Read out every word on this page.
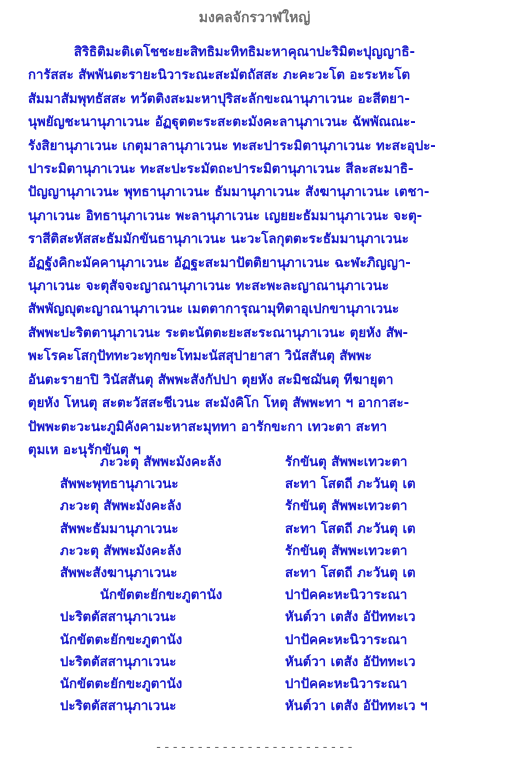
มงคลจักรวาฬใหญ่
สิริธิติมะติเตโชชะยะสิทธิมะหิทธิมะหาคุณาปะริมิตะปุญญาธิ-
การัสสะ สัพพันตะรายะนิวาระณะสะมัตถัสสะ ภะคะวะโต อะระหะโต
สัมมาสัมพุทธัสสะ ทวัตติงสะมะหาปุริสะลักขะณานุภาเวนะ อะสีตยา-
นุพยัญชะนานุภาเวนะ อัฏฐุตตะระสะตะมังคะลานุภาเวนะ ฉัพพัณณะ-
รังสิยานุภาเวนะ เกตุมาลานุภาเวนะ ทะสะปาระมิตานุภาเวนะ ทะสะอุปะ-
ปาระมิตานุภาเวนะ ทะสะปะระมัตถะปาระมิตานุภาเวนะ สีละสะมาธิ-
ปัญญานุภาเวนะ พุทธานุภาเวนะ ธัมมานุภาเวนะ สังฆานุภาเวนะ เตชา-
นุภาเวนะ อิทธานุภาเวนะ พะลานุภาเวนะ เญยยะธัมมานุภาเวนะ จะตุ-
ราสีติสะหัสสะธัมมักขันธานุภาเวนะ นะวะโลกุตตะระธัมมานุภาเวนะ
อัฏฐังคิกะมัคคานุภาเวนะ อัฏฐะสะมาปัตติยานุภาเวนะ ฉะฬะภิญญา-
นุภาเวนะ จะตุสัจจะญาณานุภาเวนะ ทะสะพะละญาณานุภาเวนะ
สัพพัญญุตะญาณานุภาเวนะ เมตตาการุณามุทิตาอุเปกขานุภาเวนะ
สัพพะปะริตตานุภาเวนะ ระตะนัตตะยะสะระณานุภาเวนะ ตุยหัง สัพ-
พะโรคะโสกุปัททะวะทุกขะโทมะนัสสุปายาสา วินัสสันตุ สัพพะ
อันตะรายาปิ วินัสสันตุ สัพพะสังกัปปา ตุยหัง สะมิชฌันตุ ทีฆายุตา
ตุยหัง โหนตุ สะตะวัสสะชีเวนะ สะมังคิโก โหตุ สัพพะทา ฯ อากาสะ-
ปัพพะตะวะนะภูมิคังคามะหาสะมุททา อารักขะกา เทวะตา สะทา
ตุมเห อะนุรักขันตุ ฯ
ภะวะตุ สัพพะมังคะลัง	รักขันตุ สัพพะเทวะตา
สัพพะพุทธานุภาเวนะ	สะทา โสตถี ภะวันตุ เต
ภะวะตุ สัพพะมังคะลัง	รักขันตุ สัพพะเทวะตา
สัพพะธัมมานุภาเวนะ	สะทา โสตถี ภะวันตุ เต
ภะวะตุ สัพพะมังคะลัง	รักขันตุ สัพพะเทวะตา
สัพพะสังฆานุภาเวนะ	สะทา โสตถี ภะวันตุ เต
นักขัตตะยักขะภูตานัง	ปาปัคคะหะนิวาระณา
ปะริตตัสสานุภาเวนะ	หันต์วา เตสัง อัปัททะเว
นักขัตตะยักขะภูตานัง	ปาปัคคะหะนิวาระณา
ปะริตตัสสานุภาเวนะ	หันต์วา เตสัง อัปัททะเว
นักขัตตะยักขะภูตานัง	ปาปัคคะหะนิวาระณา
ปะริตตัสสานุภาเวนะ	หันต์วา เตสัง อัปัททะเว ฯ
------------------------
